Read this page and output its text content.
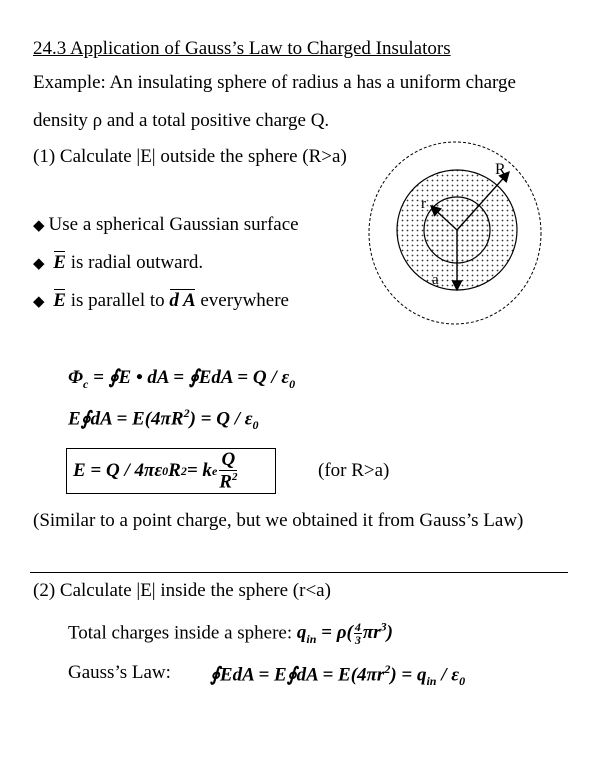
24.3 Application of Gauss’s Law to Charged Insulators
Example: An insulating sphere of radius a has a uniform charge
density ρ and a total positive charge Q.
(1) Calculate |E| outside the sphere (R>a)
◆ Use a spherical Gaussian surface
◆ E is radial outward.
◆ E is parallel to d A everywhere
R
r
a
$\Phi_c$ = ∮E • dA = ∮EdA = Q / $\varepsilon_0$
E∮dA = $E(4\pi R^2) = Q / \varepsilon_0$
E = Q / 4πε 0 R 2 = k e $\frac{Q}{R^2}$	(for R>a)
(Similar to a point charge, but we obtained it from Gauss’s Law)
(2) Calculate |E| inside the sphere (r<a)
Total charges inside a sphere: $q_{in} = \rho( \frac{4}{3} \pi r^3)$
Gauss’s Law: ∮EdA = E∮dA = $E(4\pi r^2) = q_{in} / \varepsilon_0$
